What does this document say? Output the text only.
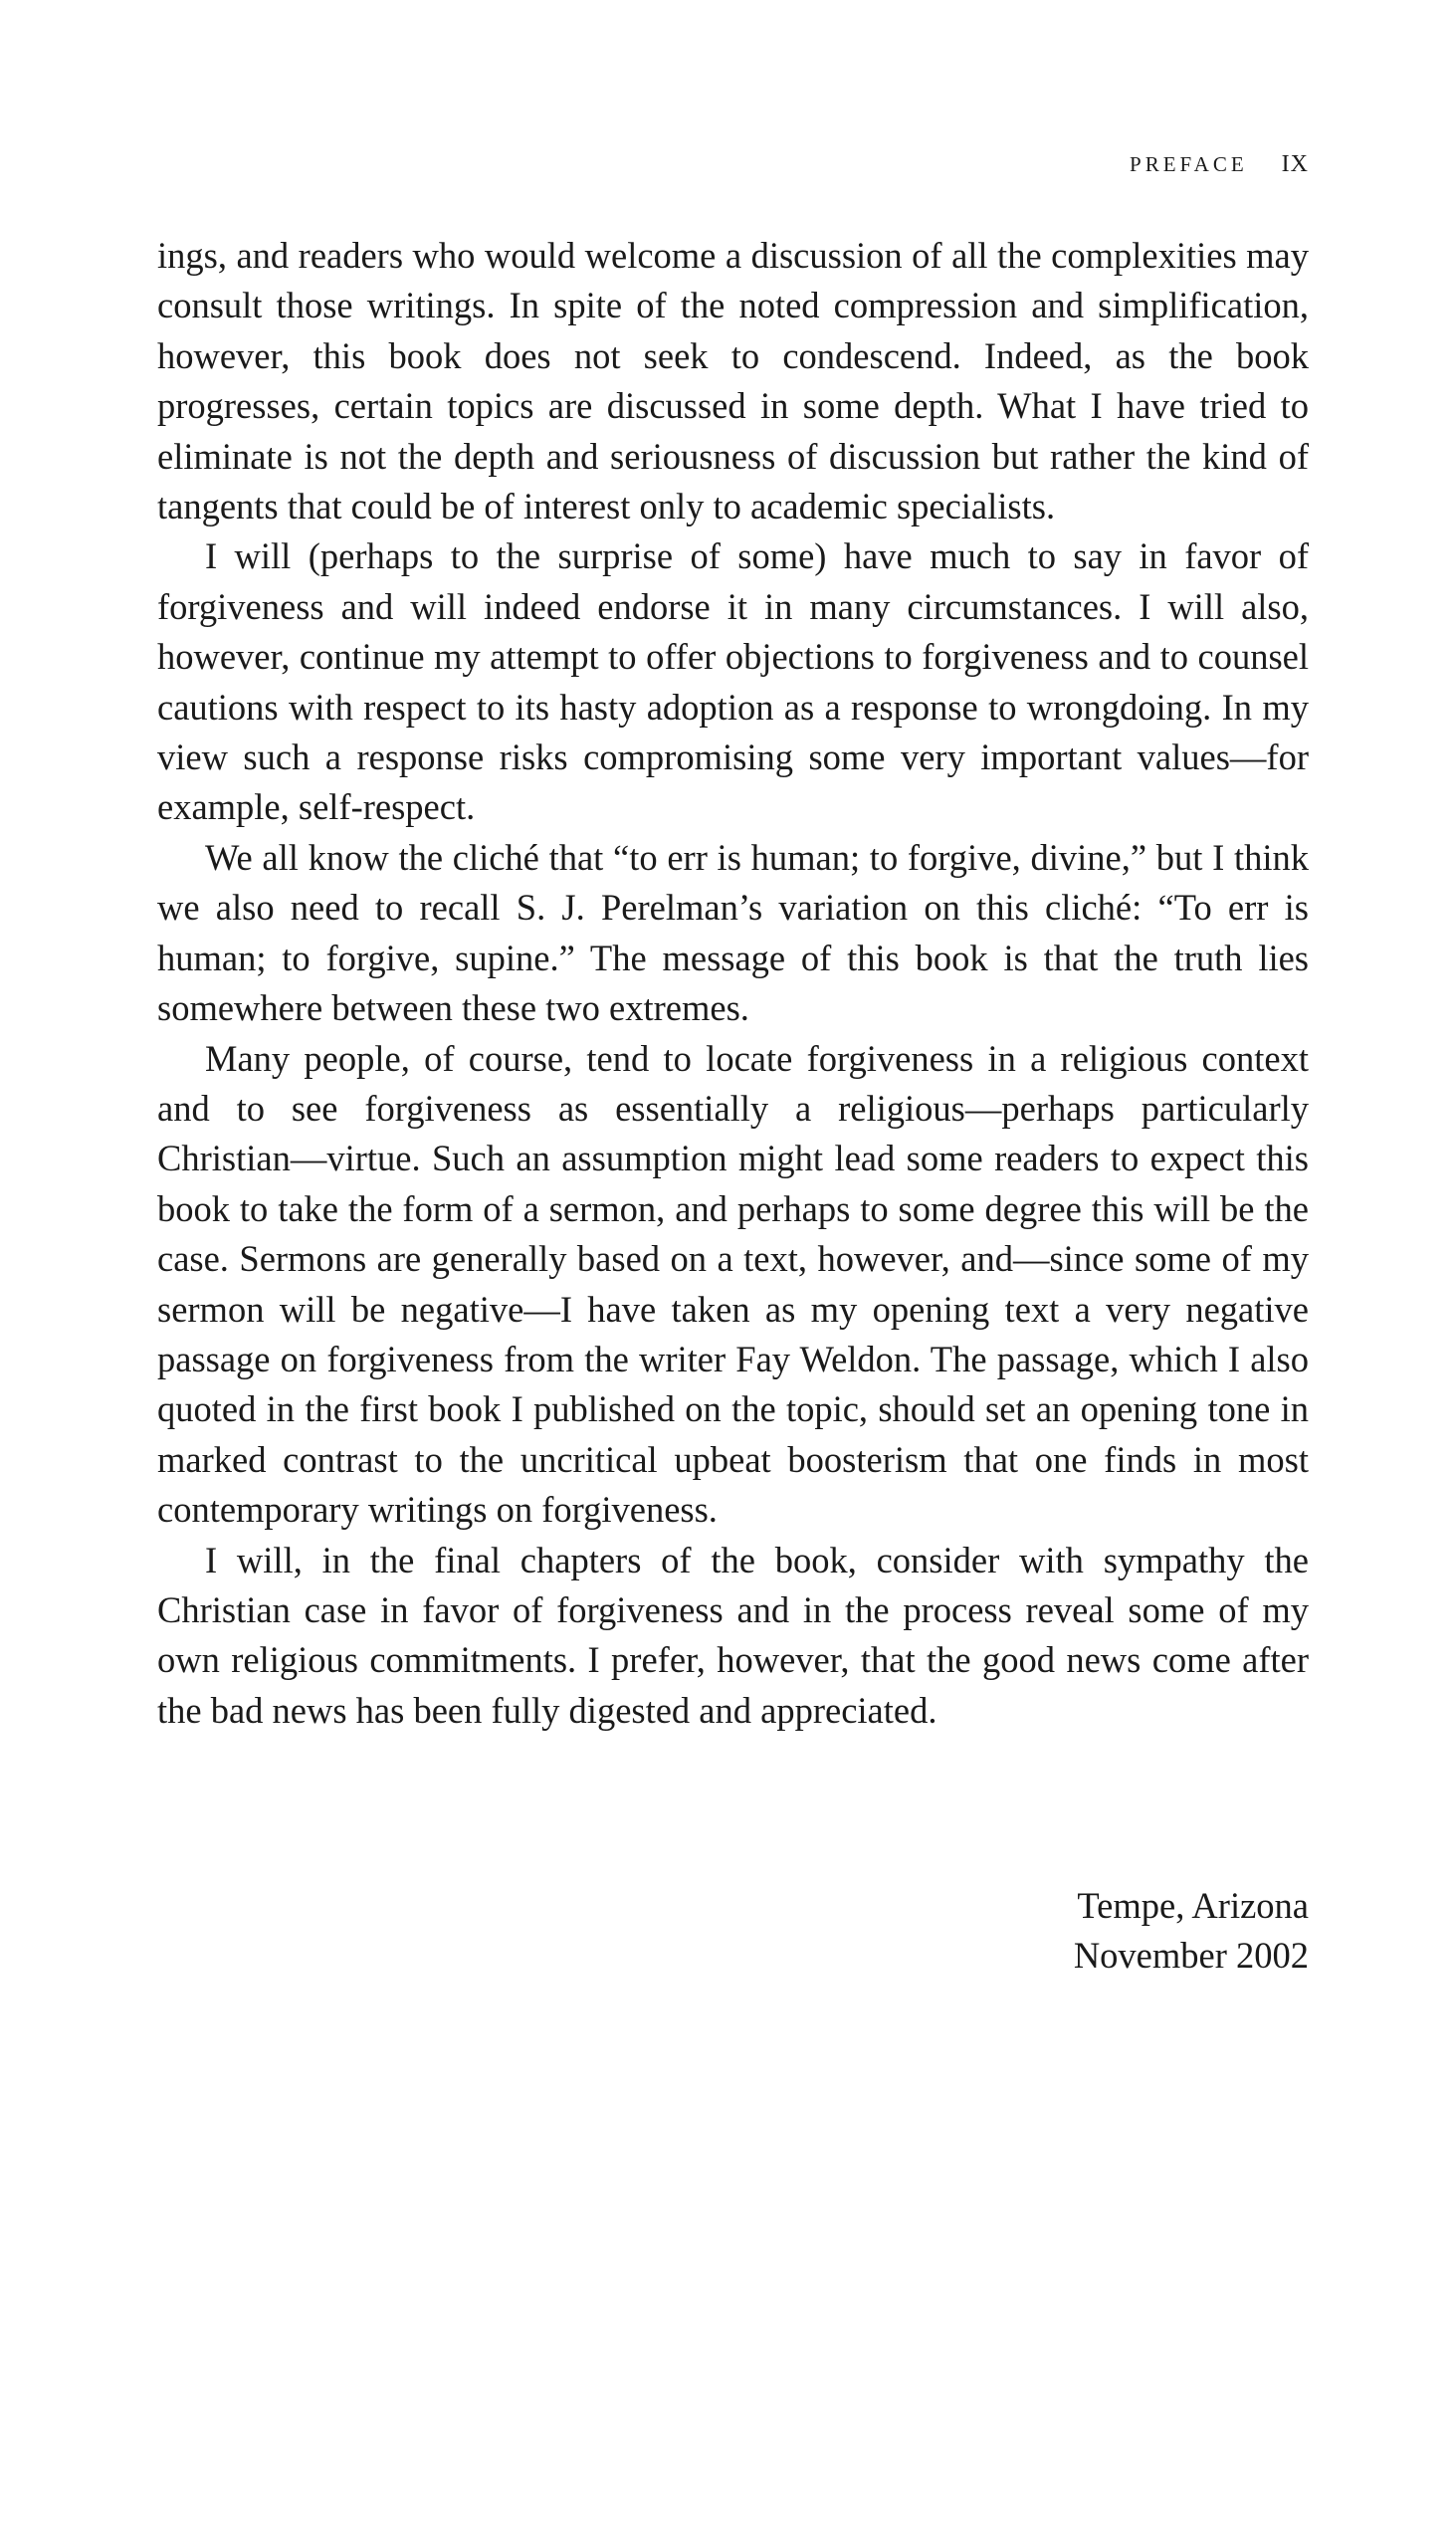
PREFACE IX

ings, and readers who would welcome a discussion of all the complexities may consult those writings. In spite of the noted compression and simplification, however, this book does not seek to condescend. Indeed, as the book progresses, certain topics are discussed in some depth. What I have tried to eliminate is not the depth and seriousness of discussion but rather the kind of tangents that could be of interest only to academic specialists.

I will (perhaps to the surprise of some) have much to say in favor of forgiveness and will indeed endorse it in many circumstances. I will also, however, continue my attempt to offer objections to forgiveness and to counsel cautions with respect to its hasty adoption as a response to wrongdoing. In my view such a response risks compromising some very important values—for example, self-respect.

We all know the cliché that “to err is human; to forgive, divine,” but I think we also need to recall S. J. Perelman’s variation on this cliché: “To err is human; to forgive, supine.” The message of this book is that the truth lies somewhere between these two extremes.

Many people, of course, tend to locate forgiveness in a religious context and to see forgiveness as essentially a religious—perhaps particularly Christian—virtue. Such an assumption might lead some readers to expect this book to take the form of a sermon, and perhaps to some degree this will be the case. Sermons are generally based on a text, however, and—since some of my sermon will be negative—I have taken as my opening text a very negative passage on forgiveness from the writer Fay Weldon. The passage, which I also quoted in the first book I published on the topic, should set an opening tone in marked contrast to the uncritical upbeat boosterism that one finds in most contemporary writings on forgiveness.

I will, in the final chapters of the book, consider with sympathy the Christian case in favor of forgiveness and in the process reveal some of my own religious commitments. I prefer, however, that the good news come after the bad news has been fully digested and appreciated.

Tempe, Arizona
November 2002
